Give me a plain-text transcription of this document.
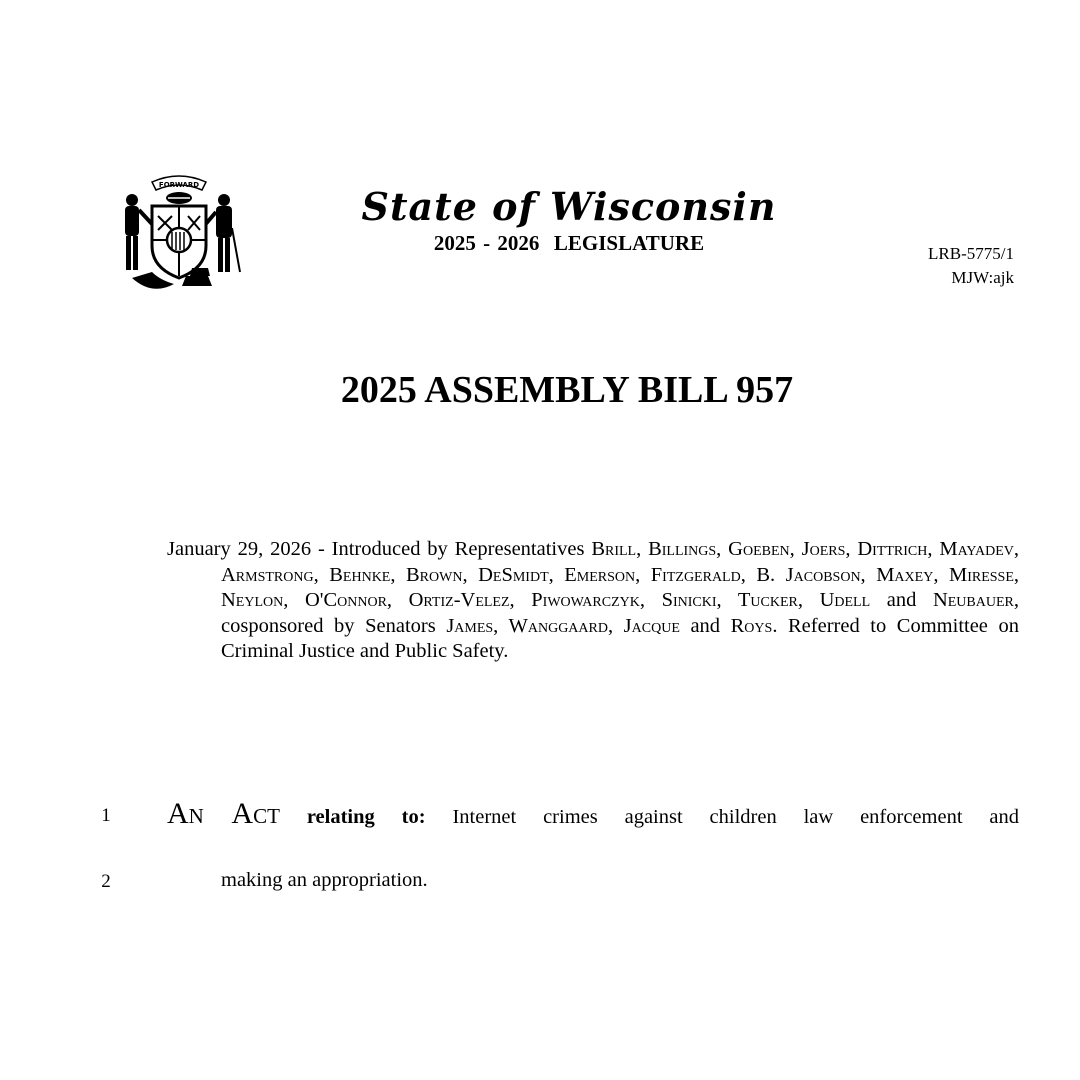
FORWARD	State of Wisconsin
2025 - 2026  LEGISLATURE	LRB-5775/1
MJW:ajk
2025 ASSEMBLY BILL 957

January 29, 2026 - Introduced by Representatives Brill, Billings, Goeben, Joers, Dittrich, Mayadev, Armstrong, Behnke, Brown, DeSmidt, Emerson, Fitzgerald, B. Jacobson, Maxey, Miresse, Neylon, O'Connor, Ortiz-Velez, Piwowarczyk, Sinicki, Tucker, Udell and Neubauer, cosponsored by Senators James, Wanggaard, Jacque and Roys. Referred to Committee on Criminal Justice and Public Safety.

1 An Act relating to: Internet crimes against children law enforcement and
2	making an appropriation.
